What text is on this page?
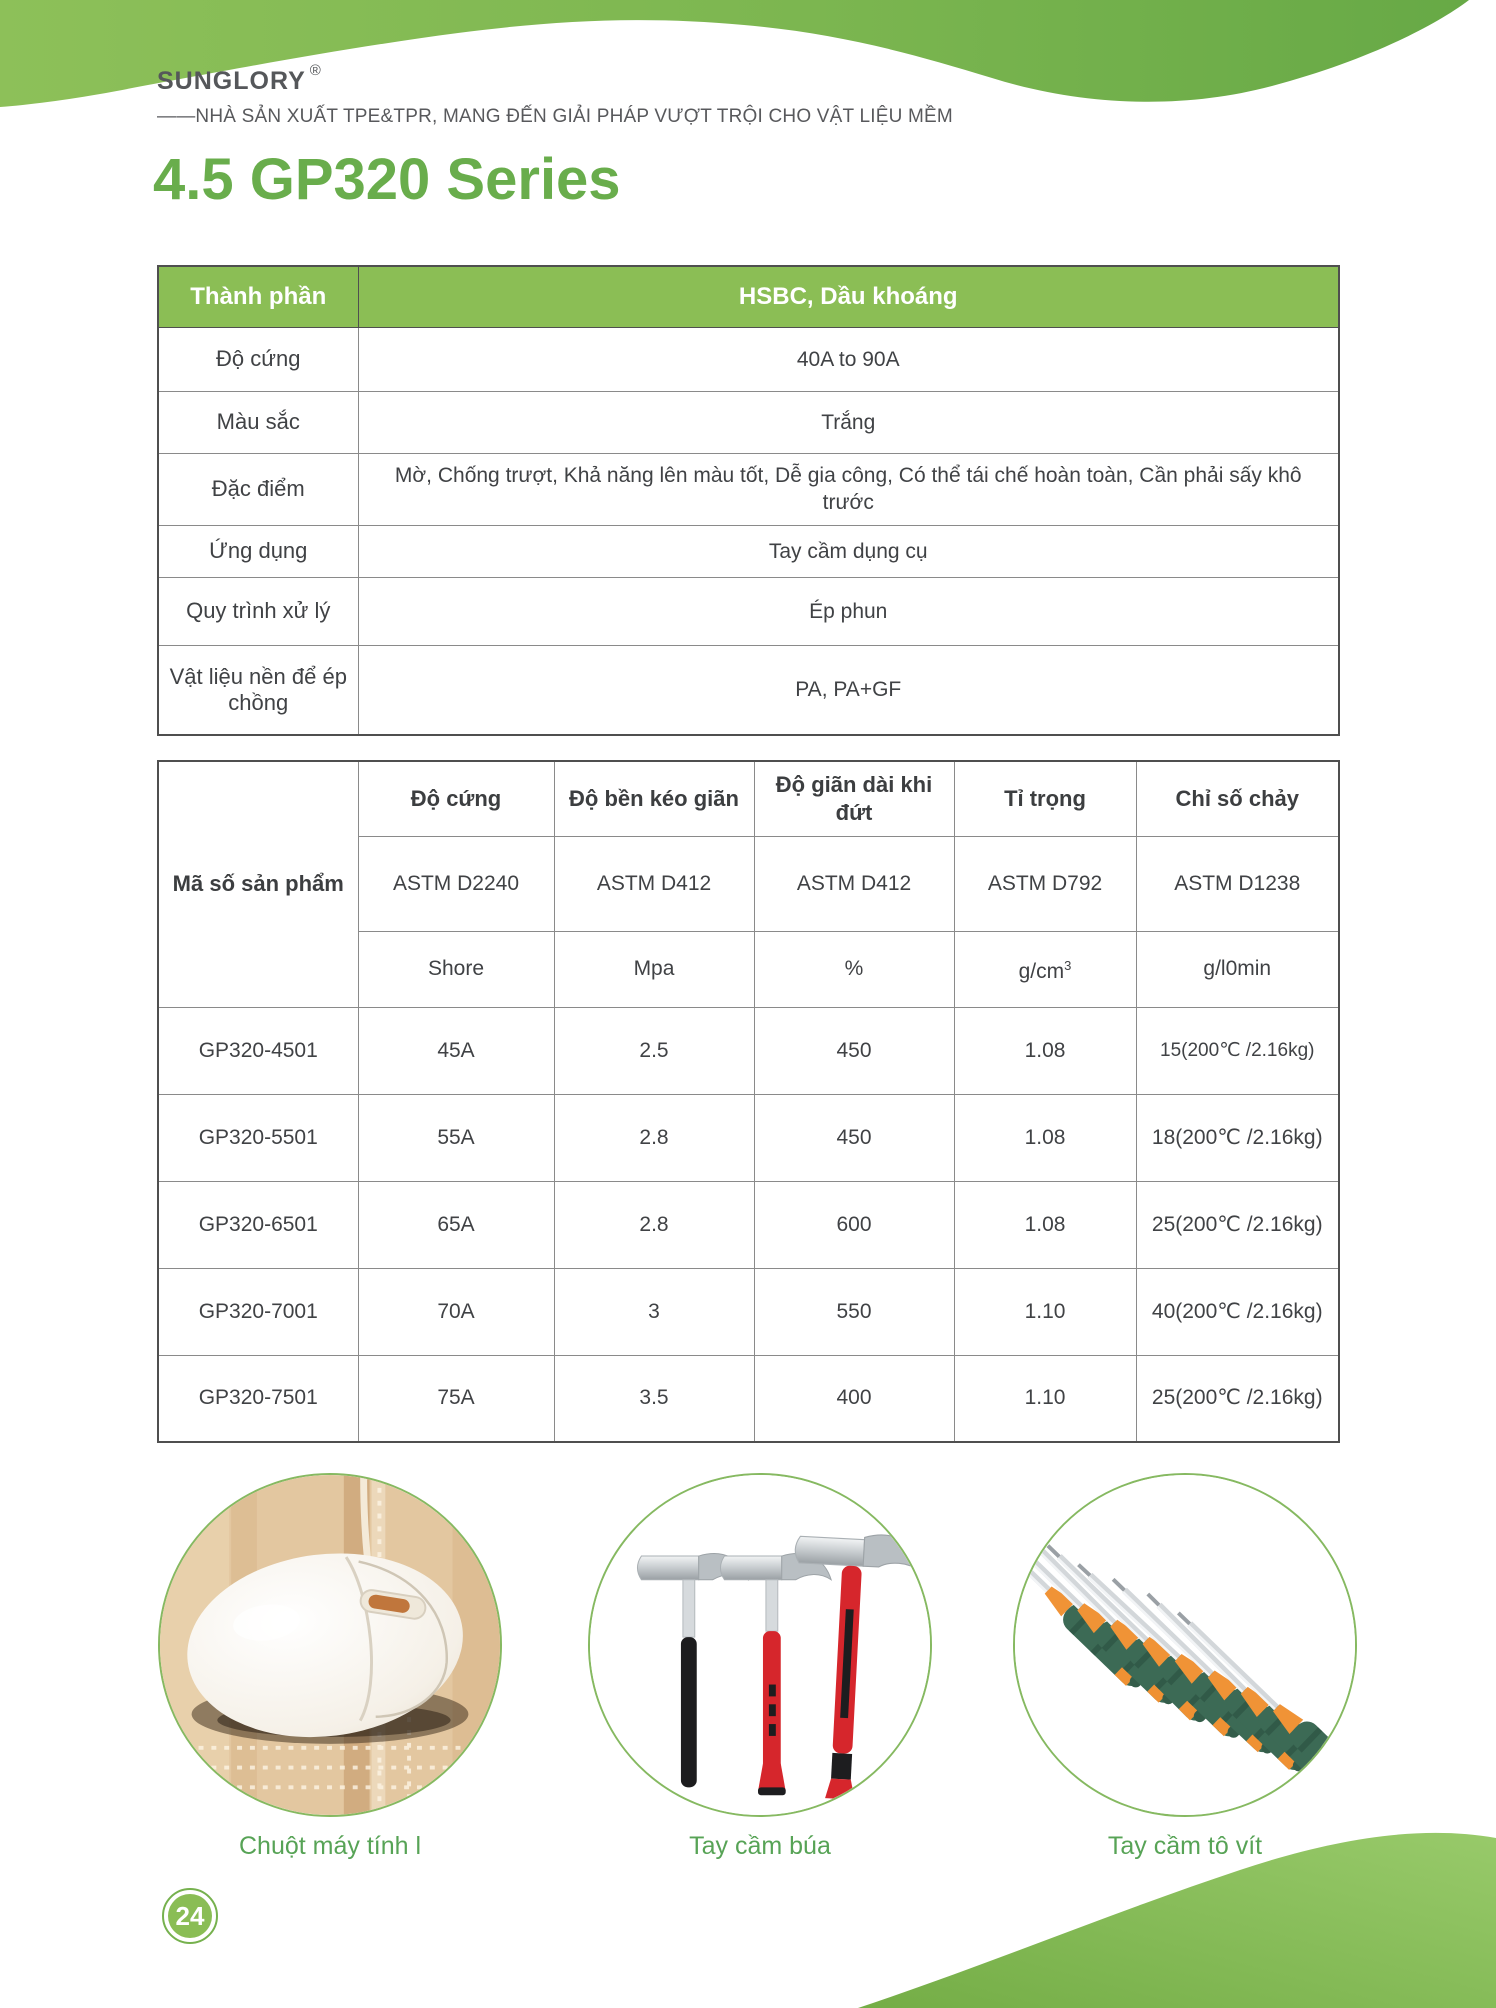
SUNGLORY ®
——NHÀ SẢN XUẤT TPE&TPR, MANG ĐẾN GIẢI PHÁP VƯỢT TRỘI CHO VẬT LIỆU MỀM
4.5 GP320 Series
Thành phần	HSBC, Dầu khoáng
Độ cứng	40A to 90A
Màu sắc	Trắng
Đặc điểm	Mờ, Chống trượt, Khả năng lên màu tốt, Dễ gia công, Có thể tái chế hoàn toàn, Cần phải sấy khô trước
Ứng dụng	Tay cầm dụng cụ
Quy trình xử lý	Ép phun
Vật liệu nền để ép chồng	PA, PA+GF
Mã số sản phẩm	Độ cứng	Độ bền kéo giãn	Độ giãn dài khi đứt	Tỉ trọng	Chỉ số chảy
	ASTM D2240	ASTM D412	ASTM D412	ASTM D792	ASTM D1238
	Shore	Mpa	%	$g/cm^3$	g/l0min
GP320-4501	45A	2.5	450	1.08	15(200℃ /2.16kg)
GP320-5501	55A	2.8	450	1.08	18(200℃ /2.16kg)
GP320-6501	65A	2.8	600	1.08	25(200℃ /2.16kg)
GP320-7001	70A	3	550	1.10	40(200℃ /2.16kg)
GP320-7501	75A	3.5	400	1.10	25(200℃ /2.16kg)
Chuột máy tính l	Tay cầm búa	Tay cầm tô vít
24
